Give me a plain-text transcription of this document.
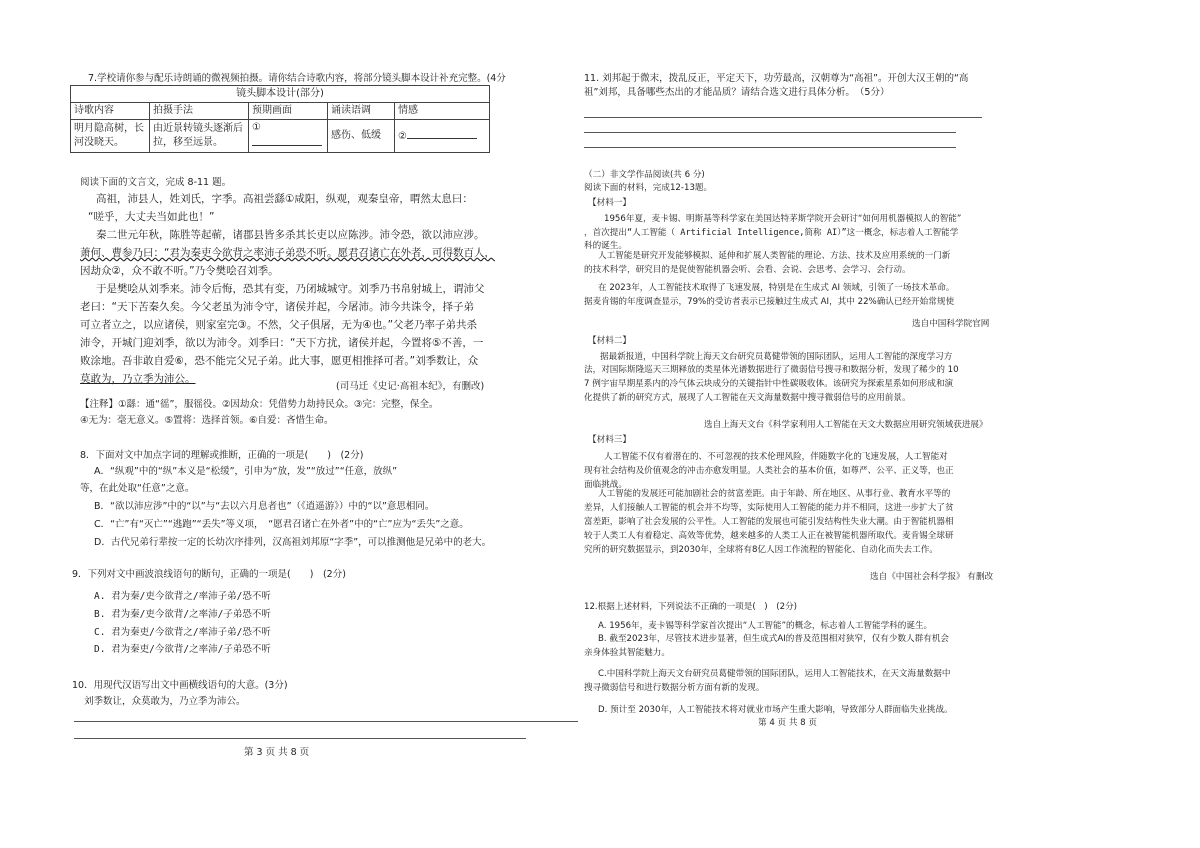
7.学校请你参与配乐诗朗诵的微视频拍摄。请你结合诗歌内容，将部分镜头脚本设计补充完整。(4分
镜头脚本设计(部分)				
诗歌内容	拍摄手法	预期画面	诵读语调	情感
明月隐高树，长河没晓天。	由近景转镜头逐渐后拉，移至远景。	①	感伤、低缓	②
阅读下面的文言文，完成 8-11 题。
高祖，沛县人，姓刘氏，字季。高祖尝繇①咸阳，纵观，观秦皇帝，喟然太息曰：
“嗟乎，大丈夫当如此也！”
秦二世元年秋，陈胜等起蕲，诸郡县皆多杀其长吏以应陈涉。沛令恐，欲以沛应涉。
萧何、曹参乃曰：“君为秦吏今欲背之率沛子弟恐不听。愿君召诸亡在外者，可得数百人，
因劫众②，众不敢不听。”乃令樊哙召刘季。
于是樊哙从刘季来。沛令后悔，恐其有变，乃闭城城守。刘季乃书帛射城上，谓沛父
老曰：“天下苦秦久矣。今父老虽为沛令守，诸侯并起，今屠沛。沛今共诛令，择子弟
可立者立之，以应诸侯，则家室完③。不然，父子俱屠，无为④也。”父老乃率子弟共杀
沛令，开城门迎刘季，欲以为沛令。刘季曰：“天下方扰，诸侯并起，今置将⑤不善，一
败涂地。吾非敢自爱⑥，恐不能完父兄子弟。此大事，愿更相推择可者。”刘季数让，众
莫敢为，乃立季为沛公。
(司马迁《史记·高祖本纪》，有删改)
【注释】①繇：通“徭”，服徭役。②因劫众：凭借势力劫持民众。③完：完整，保全。
④无为：毫无意义。⑤置将：选择首领。⑥自爱：吝惜生命。
8．下面对文中加点字词的理解或推断，正确的一项是(　　)　(2分)
A．“纵观”中的“纵”本义是“松缓”，引申为“放，发”“放过”“任意，放纵”
等，在此处取“任意”之意。
B．“欲以沛应涉”中的“以”与“去以六月息者也”（《逍遥游》）中的“以”意思相同。
C．“亡”有“灭亡”“逃跑”“丢失”等义项，　“愿君召诸亡在外者”中的“亡”应为“丢失”之意。
D．古代兄弟行辈按一定的长幼次序排列，汉高祖刘邦原“字季”，可以推测他是兄弟中的老大。
9．下列对文中画波浪线语句的断句，正确的一项是(　　)　(2分)
A. 君为秦/吏今欲背之/率沛子弟/恐不听
B. 君为秦/吏今欲背/之率沛/子弟恐不听
C. 君为秦吏/今欲背之/率沛子弟/恐不听
D. 君为秦吏/今欲背/之率沛/子弟恐不听
10．用现代汉语写出文中画横线语句的大意。(3分)
刘季数让，众莫敢为，乃立季为沛公。
第 3 页 共 8 页
11. 刘邦起于微末，拨乱反正，平定天下，功劳最高，汉朝尊为“高祖”。开创大汉王朝的“高
祖”刘邦，具备哪些杰出的才能品质？请结合选文进行具体分析。　（5分）
（二）非文学作品阅读(共 6 分)
阅读下面的材料，完成12-13题。
【材料一】
1956年夏，麦卡锡、明斯基等科学家在美国达特茅斯学院开会研讨“如何用机器模拟人的智能”
，首次提出“人工智能（ Artificial Intelligence,简称 AI）”这一概念，标志着人工智能学
科的诞生。
人工智能是研究开发能够模拟、延伸和扩展人类智能的理论、方法、技术及应用系统的一门新
的技术科学，研究目的是促使智能机器会听、会看、会说、会思考、会学习、会行动。
在 2023年，人工智能技术取得了飞速发展，特别是在生成式 AI 领域，引领了一场技术革命。
据麦肯锡的年度调查显示，79%的受访者表示已接触过生成式 AI，其中 22%确认已经开始常规使
选自中国科学院官网
【材料二】
据最新报道，中国科学院上海天文台研究员葛健带领的国际团队，运用人工智能的深度学习方
法，对国际斯隆巡天三期释放的类星体光谱数据进行了微弱信号搜寻和数据分析，发现了稀少的 10
7 例宇宙早期星系内的冷气体云块成分的关键指针中性碳吸收体。该研究为探索星系如何形成和演
化提供了新的研究方式，展现了人工智能在天文海量数据中搜寻微弱信号的应用前景。
选自上海天文台《科学家利用人工智能在天文大数据应用研究领域获进展》
【材料三】
人工智能不仅有着潜在的、不可忽视的技术伦理风险，伴随数字化的飞速发展，人工智能对
现有社会结构及价值观念的冲击亦愈发明显。人类社会的基本价值，如尊严、公平、正义等，也正
面临挑战。
人工智能的发展还可能加剧社会的贫富差距。由于年龄、所在地区、从事行业、教育水平等的
差异，人们接触人工智能的机会并不均等，实际使用人工智能的能力并不相同，这进一步扩大了贫
富差距，影响了社会发展的公平性。人工智能的发展也可能引发结构性失业大潮。由于智能机器相
较于人类工人有着稳定、高效等优势，越来越多的人类工人正在被智能机器所取代。麦肯锡全球研
究所的研究数据显示，到2030年，全球将有8亿人因工作流程的智能化、自动化而失去工作。
选自《中国社会科学报》 有删改
12.根据上述材料，下列说法不正确的一项是(　)　(2分)
A. 1956年，麦卡锡等科学家首次提出“人工智能”的概念，标志着人工智能学科的诞生。
B. 截至2023年，尽管技术进步显著，但生成式AI的普及范围相对狭窄，仅有少数人群有机会
亲身体验其智能魅力。
C.中国科学院上海天文台研究员葛健带领的国际团队，运用人工智能技术，在天文海量数据中
搜寻微弱信号和进行数据分析方面有新的发现。
D. 预计至 2030年，人工智能技术将对就业市场产生重大影响，导致部分人群面临失业挑战。
第 4 页 共 8 页
